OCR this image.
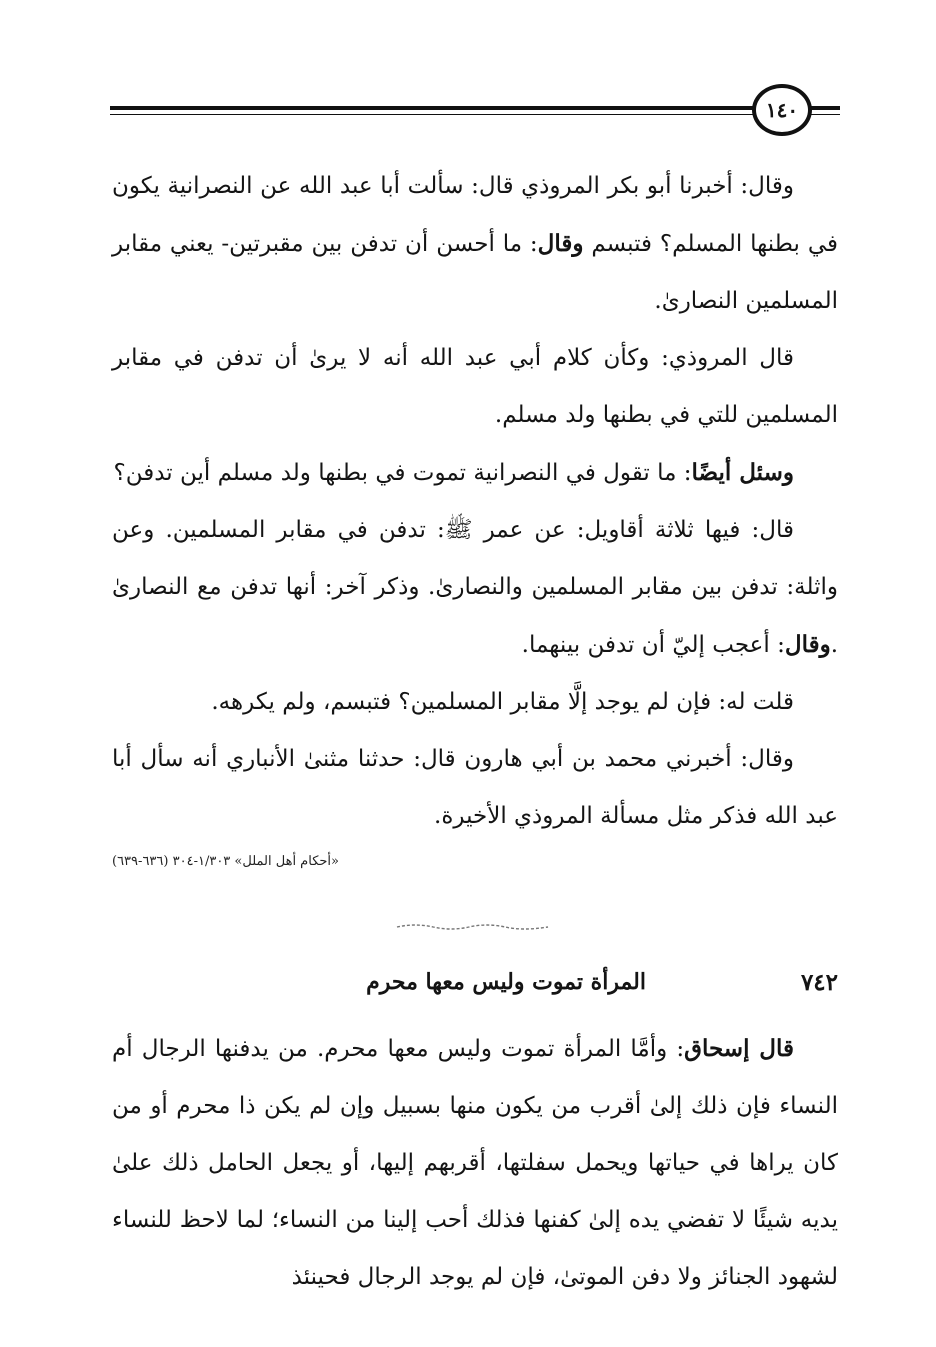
١٤٠

وقال: أخبرنا أبو بكر المروذي قال: سألت أبا عبد الله عن النصرانية يكون في بطنها المسلم؟ فتبسم وقال: ما أحسن أن تدفن بين مقبرتين- يعني مقابر المسلمين النصارىٰ.

قال المروذي: وكأن كلام أبي عبد الله أنه لا يرىٰ أن تدفن في مقابر المسلمين للتي في بطنها ولد مسلم.

وسئل أيضًا: ما تقول في النصرانية تموت في بطنها ولد مسلم أين تدفن؟

قال: فيها ثلاثة أقاويل: عن عمر ﷺ: تدفن في مقابر المسلمين. وعن واثلة: تدفن بين مقابر المسلمين والنصارىٰ. وذكر آخر: أنها تدفن مع النصارىٰ .وقال: أعجب إليّ أن تدفن بينهما.

قلت له: فإن لم يوجد إلَّا مقابر المسلمين؟ فتبسم، ولم يكرهه.

وقال: أخبرني محمد بن أبي هارون قال: حدثنا مثنىٰ الأنباري أنه سأل أبا عبد الله فذكر مثل مسألة المروذي الأخيرة.

«أحكام أهل الملل» ١/٣٠٣-٣٠٤ (٦٣٦-٦٣٩)
٧٤٢
المرأة تموت وليس معها محرم

قال إسحاق: وأمَّا المرأة تموت وليس معها محرم. من يدفنها الرجال أم النساء فإن ذلك إلىٰ أقرب من يكون منها بسبيل وإن لم يكن ذا محرم أو من كان يراها في حياتها ويحمل سفلتها، أقربهم إليها، أو يجعل الحامل ذلك علىٰ يديه شيئًا لا تفضي يده إلىٰ كفنها فذلك أحب إلينا من النساء؛ لما لاحظ للنساء لشهود الجنائز ولا دفن الموتىٰ، فإن لم يوجد الرجال فحينئذ
